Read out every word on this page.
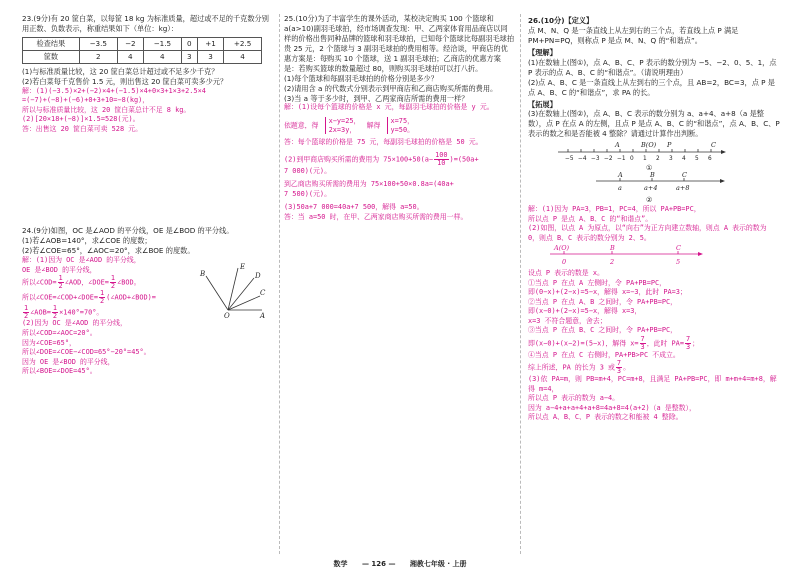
23.(9分)有 20 筐白菜，以每筐 18 kg 为标准质量，超过或不足的千克数分别用正数、负数表示，称重结果如下（单位：kg）：

检查结果	−3.5	−2	−1.5	0	+1	+2.5
筐数	2	4	4	3	3	4

(1)与标准质量比较，这 20 筐白菜总计超过或不足多少千克？

(2)若白菜每千克售价 1.5 元，则出售这 20 筐白菜可卖多少元？

解：(1)(−3.5)×2+(−2)×4+(−1.5)×4+0×3+1×3+2.5×4

=(−7)+(−8)+(−6)+0+3+10=−8(kg)，

所以与标准质量比较，这 20 筐白菜总计不足 8 kg。

(2)[20×18+(−8)]×1.5=528(元)。

答：出售这 20 筐白菜可卖 528 元。

24.(9分)如图，OC 是∠AOD 的平分线，OE 是∠BOD 的平分线。

(1)若∠AOB=140°，求∠COE 的度数；

(2)若∠COE=65°，∠AOC=20°，求∠BOE 的度数。

B
E
D
C
O	A

解：(1)因为 OC 是∠AOD 的平分线，

OE 是∠BOD 的平分线，

所以∠COD= $\frac{1}{2}$ ∠AOD，∠DOE= $\frac{1}{2}$ ∠BOD。

所以∠COE=∠COD+∠DOE= $\frac{1}{2}$ (∠AOD+∠BOD)=

$\frac{1}{2}$ ∠AOB= $\frac{1}{2} \times 140^\circ=70^\circ$。

(2)因为 OC 是∠AOD 的平分线，

所以∠COD=∠AOC=20°。

因为∠COE=65°，

所以∠DOE=∠COE−∠COD=65°−20°=45°。

因为 OE 是∠BOD 的平分线，

所以∠BOE=∠DOE=45°。

25.(10分)为了丰富学生的课外活动，某校决定购买 100 个篮球和 a(a>10)副羽毛球拍，经市场调查发现：甲、乙两家体育用品商店以同样的价格出售同种品牌的篮球和羽毛球拍，已知每个篮球比每副羽毛球拍贵 25 元，2 个篮球与 3 副羽毛球拍的费用相等。经洽谈，甲商店的优惠方案是：每购买 10 个篮球，送 1 副羽毛球拍；乙商店的优惠方案是：若购买篮球的数量超过 80，则购买羽毛球拍可以打八折。

(1)每个篮球和每副羽毛球拍的价格分别是多少？

(2)请用含 a 的代数式分别表示到甲商店和乙商店购买所需的费用。

(3)当 a 等于多少时，到甲、乙两家商店所需的费用一样？

解：(1)设每个篮球的价格是 x 元，每副羽毛球拍的价格是 y 元。

依题意，得 x−y=25，
2x=3y， 解得 x=75，
y=50。

答：每个篮球的价格是 75 元，每副羽毛球拍的价格是 50 元。

(2)到甲商店购买所需的费用为 $75\times 100+50(a- \frac{100}{10} )=(50a+$

7 000)(元)。

到乙商店购买所需的费用为 75×100+50×0.8a=(40a+

7 500)(元)。

(3)50a+7 000=40a+7 500，解得 a=50。

答：当 a=50 时，在甲、乙两家商店购买所需的费用一样。

26.(10分)【定义】

点 M、N、Q 是一条直线上从左到右的三个点，若直线上点 P 满足 PM+PN=PQ，则称点 P 是点 M、N、Q 的“和谐点”。

【理解】

(1)在数轴上(图①)，点 A、B、C、P 表示的数分别为 −5、−2、0、5、1，点 P 表示的点 A、B、C 的“和谐点”。（请说明理由）

(2)点 A、B、C 是一条直线上从左到右的三个点，且 AB=2，BC=3，点 P 是点 A、B、C 的“和谐点”，求 PA 的长。

【拓展】

(3)在数轴上(图②)，点 A、B、C 表示的数分别为 a、a+4、a+8（a 是整数），点 P 在点 A 的左侧，且点 P 是点 A、B、C 的“和谐点”，点 A、B、C、P 表示的数之和是否能被 4 整除？请通过计算作出判断。

−5 −4 −3 −2 −1 0 1 2 3 4 5 6
A	B(O) P	C
①
A	B	C
a	a+4	a+8
②

解：(1)因为 PA=3，PB=1，PC=4，所以 PA+PB=PC，

所以点 P 是点 A、B、C 的“和谐点”。

(2)如图，以点 A 为原点，以“向右”为正方向建立数轴，则点 A 表示的数为 0，则点 B、C 表示的数分别为 2、5。

A(O)	B	C
0	2	5

设点 P 表示的数是 x。

①当点 P 在点 A 左侧时，令 PA+PB=PC，

即(0−x)+(2−x)=5−x，解得 x=−3，此时 PA=3；

②当点 P 在点 A、B 之间时，令 PA+PB=PC，

即(x−0)+(2−x)=5−x，解得 x=3，

x=3 不符合题意，舍去；

③当点 P 在点 B、C 之间时，令 PA+PB=PC，

即(x−0)+(x−2)=(5−x)，解得 $x= \frac{7}{3}$ ，此时 $PA= \frac{7}{3}$ ；

④当点 P 在点 C 右侧时，PA+PB>PC 不成立。

综上所述，PA 的长为 3 或 $\frac{7}{3}$ 。

(3)依 PA=m，则 PB=m+4，PC=m+8，且满足 PA+PB=PC，即 m+m+4=m+8，解得 m=4，

所以点 P 表示的数为 a−4。

因为 a−4+a+a+4+a+8=4a+8=4(a+2)（a 是整数），

所以点 A、B、C、P 表示的数之和能被 4 整除。

数学 — 126 — 湘教七年级 · 上册
